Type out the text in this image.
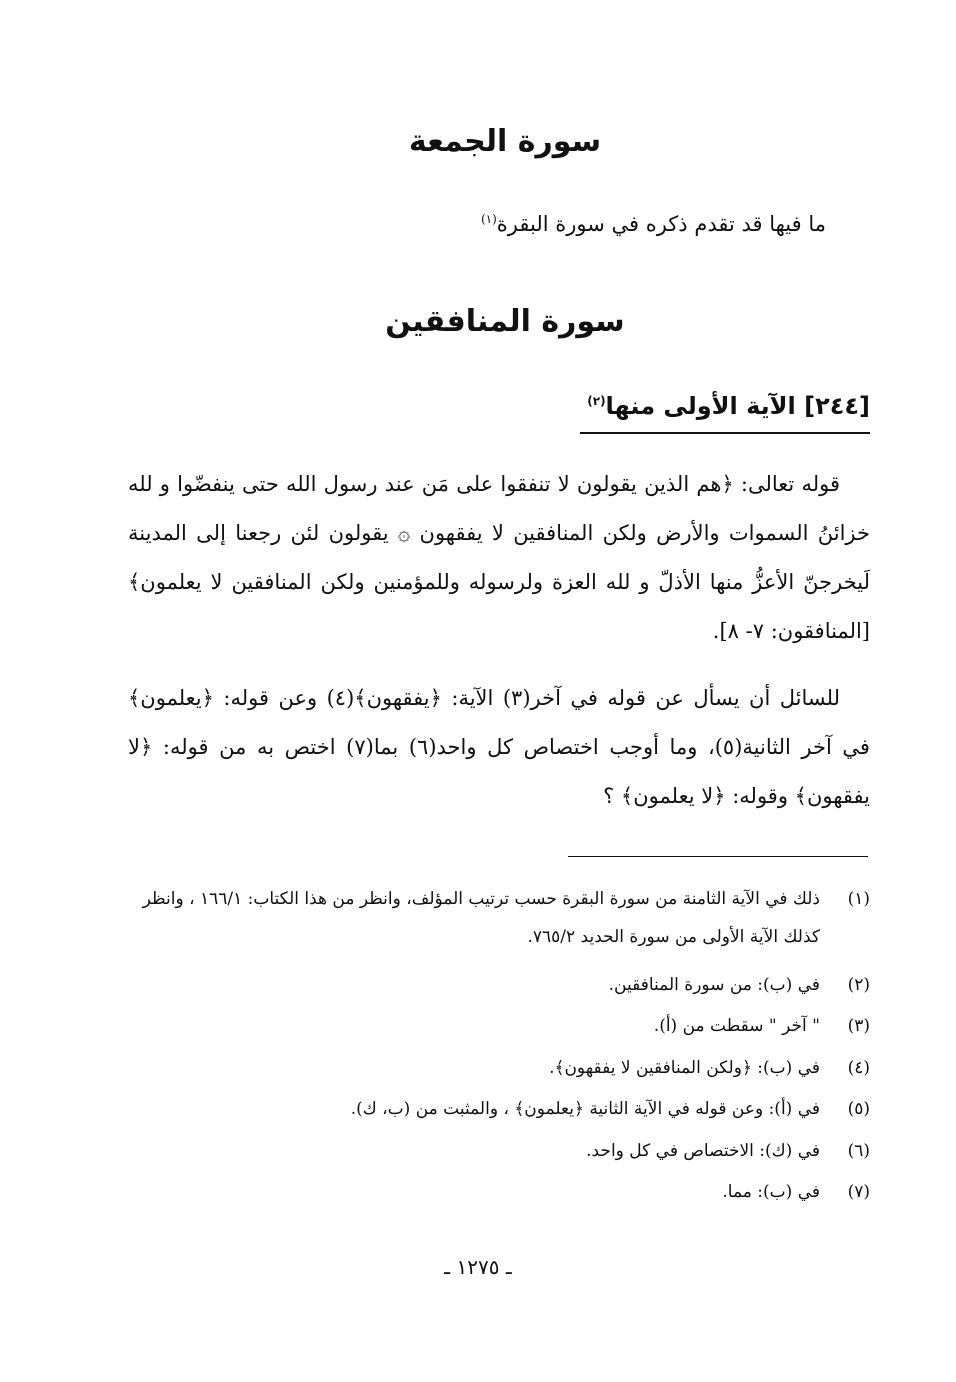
سورة الجمعة
ما فيها قد تقدم ذكره في سورة البقرة$^{(١)}$
سورة المنافقين
[٢٤٤] الآية الأولى منها$^{(٢)}$
قوله تعالى: ﴿هم الذين يقولون لا تنفقوا على مَن عند رسول الله حتى ينفضّوا و لله خزائنُ السموات والأرض ولكن المنافقين لا يفقهون ۞ يقولون لئن رجعنا إلى المدينة لَيخرجنّ الأعزُّ منها الأذلّ و لله العزة ولرسوله وللمؤمنين ولكن المنافقين لا يعلمون﴾ [المنافقون: ٧- ٨].
للسائل أن يسأل عن قوله في آخر(٣) الآية: ﴿يفقهون﴾(٤) وعن قوله: ﴿يعلمون﴾ في آخر الثانية(٥)، وما أوجب اختصاص كل واحد(٦) بما(٧) اختص به من قوله: ﴿لا يفقهون﴾ وقوله: ﴿لا يعلمون﴾ ؟
(١)
ذلك في الآية الثامنة من سورة البقرة حسب ترتيب المؤلف، وانظر من هذا الكتاب: ١٦٦/١ ، وانظر كذلك الآية الأولى من سورة الحديد ٧٦٥/٢.
(٢)
في (ب): من سورة المنافقين.
(٣)
" آخر " سقطت من (أ).
(٤)
في (ب): ﴿ولكن المنافقين لا يفقهون﴾.
(٥)
في (أ): وعن قوله في الآية الثانية ﴿يعلمون﴾ ، والمثبت من (ب، ك).
(٦)
في (ك): الاختصاص في كل واحد.
(٧)
في (ب): مما.
ـ ١٢٧٥ ـ
